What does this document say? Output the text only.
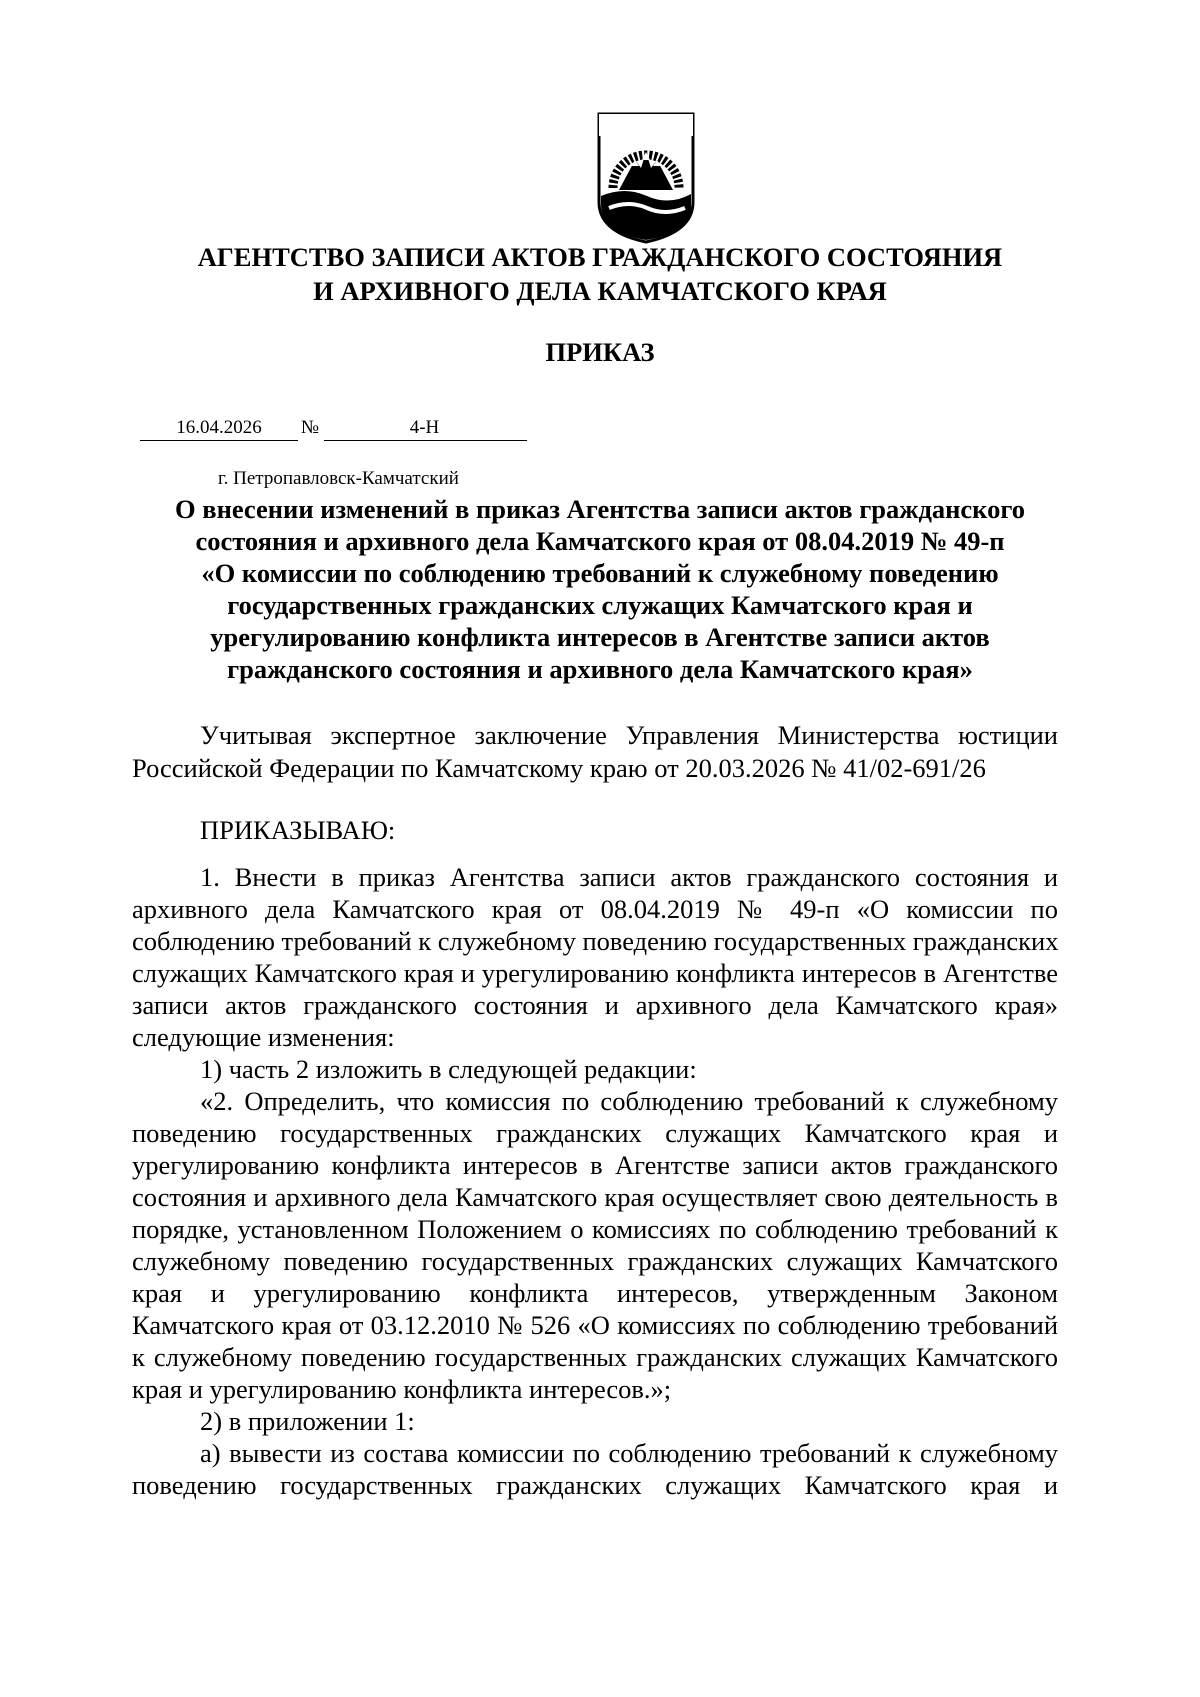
АГЕНТСТВО ЗАПИСИ АКТОВ ГРАЖДАНСКОГО СОСТОЯНИЯ
И АРХИВНОГО ДЕЛА КАМЧАТСКОГО КРАЯ
ПРИКАЗ
16.04.2026	№	4-Н
г. Петропавловск-Камчатский
О внесении изменений в приказ Агентства записи актов гражданского
состояния и архивного дела Камчатского края от 08.04.2019 № 49-п
«О комиссии по соблюдению требований к служебному поведению
государственных гражданских служащих Камчатского края и
урегулированию конфликта интересов в Агентстве записи актов
гражданского состояния и архивного дела Камчатского края»
Учитывая экспертное заключение Управления Министерства юстиции
Российской Федерации по Камчатскому краю от 20.03.2026 № 41/02-691/26
ПРИКАЗЫВАЮ:
1. Внести в приказ Агентства записи актов гражданского состояния и
архивного дела Камчатского края от 08.04.2019 № 49-п «О комиссии по
соблюдению требований к служебному поведению государственных гражданских
служащих Камчатского края и урегулированию конфликта интересов в Агентстве
записи актов гражданского состояния и архивного дела Камчатского края»
следующие изменения:
1) часть 2 изложить в следующей редакции:
«2. Определить, что комиссия по соблюдению требований к служебному
поведению государственных гражданских служащих Камчатского края и
урегулированию конфликта интересов в Агентстве записи актов гражданского
состояния и архивного дела Камчатского края осуществляет свою деятельность в
порядке, установленном Положением о комиссиях по соблюдению требований к
служебному поведению государственных гражданских служащих Камчатского
края и урегулированию конфликта интересов, утвержденным Законом
Камчатского края от 03.12.2010 № 526 «О комиссиях по соблюдению требований
к служебному поведению государственных гражданских служащих Камчатского
края и урегулированию конфликта интересов.»;
2) в приложении 1:
а) вывести из состава комиссии по соблюдению требований к служебному
поведению государственных гражданских служащих Камчатского края и
